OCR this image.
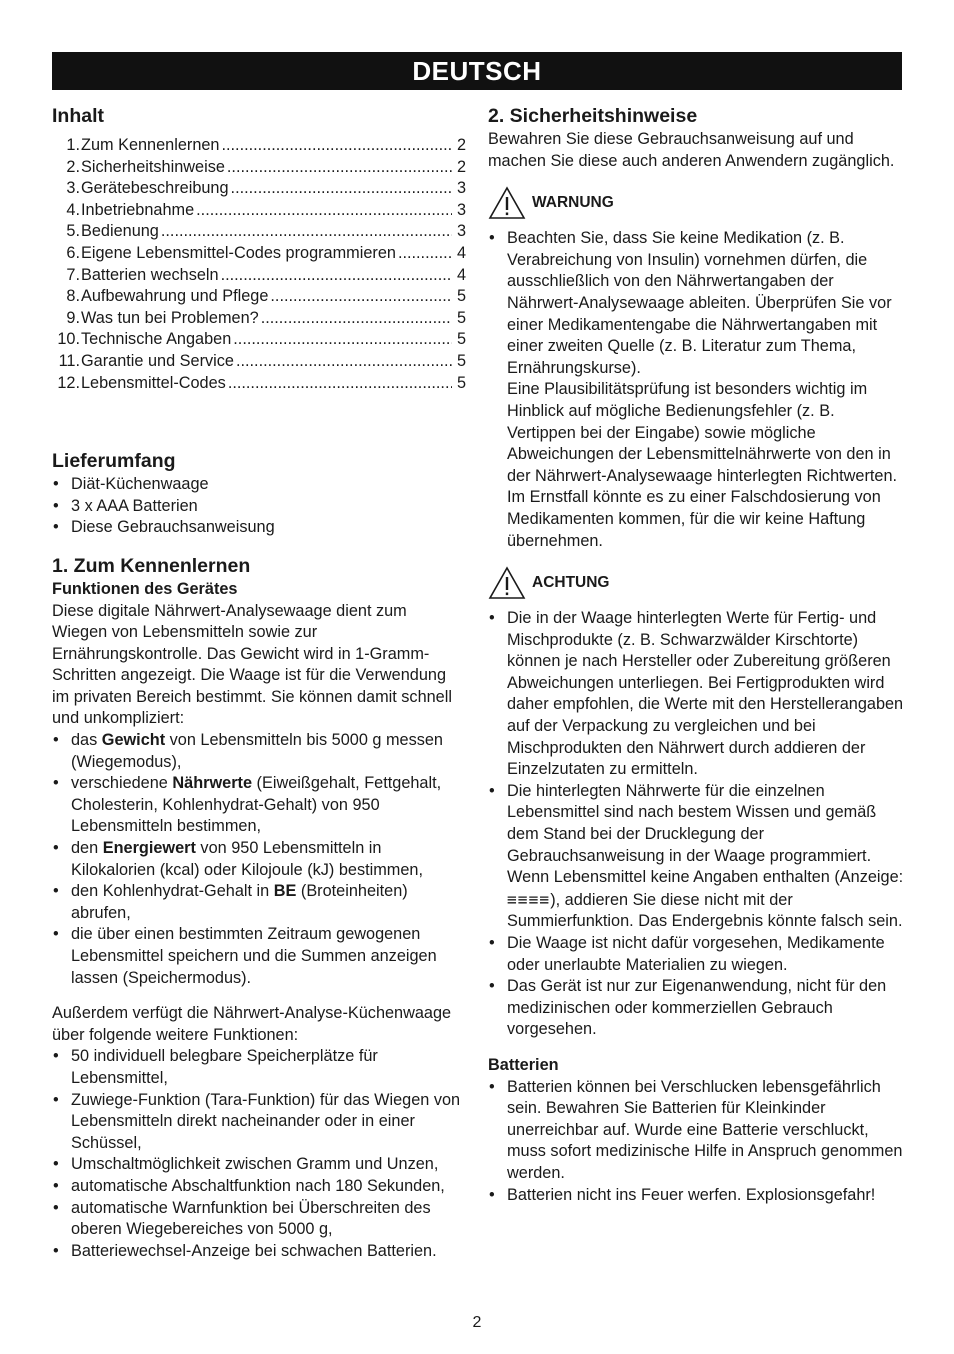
DEUTSCH
Inhalt
1. Zum Kennenlernen .....	2
2. Sicherheitshinweise .....	2
3. Gerätebeschreibung .....	3
4. Inbetriebnahme .....	3
5. Bedienung .....	3
6. Eigene Lebensmittel-Codes programmieren .....	4
7. Batterien wechseln .....	4
8. Aufbewahrung und Pflege .....	5
9. Was tun bei Problemen? .....	5
10. Technische Angaben .....	5
11. Garantie und Service .....	5
12. Lebensmittel-Codes .....	5
Lieferumfang
• Diät-Küchenwaage
• 3 x AAA Batterien
• Diese Gebrauchsanweisung
1. Zum Kennenlernen
Funktionen des Gerätes

Diese digitale Nährwert-Analysewaage dient zum Wiegen von Lebensmitteln sowie zur Ernährungskontrolle. Das Gewicht wird in 1-Gramm-Schritten angezeigt. Die Waage ist für die Verwendung im privaten Bereich bestimmt. Sie können damit schnell und unkompliziert:

• das Gewicht von Lebensmitteln bis 5000 g messen (Wiegemodus),
• verschiedene Nährwerte (Eiweißgehalt, Fettgehalt, Cholesterin, Kohlenhydrat-Gehalt) von 950 Lebensmitteln bestimmen,
• den Energiewert von 950 Lebensmitteln in Kilokalorien (kcal) oder Kilojoule (kJ) bestimmen,
• den Kohlenhydrat-Gehalt in BE (Broteinheiten) abrufen,
• die über einen bestimmten Zeitraum gewogenen Lebensmittel speichern und die Summen anzeigen lassen (Speichermodus).

Außerdem verfügt die Nährwert-Analyse-Küchenwaage über folgende weitere Funktionen:

• 50 individuell belegbare Speicherplätze für Lebensmittel,
• Zuwiege-Funktion (Tara-Funktion) für das Wiegen von Lebensmitteln direkt nacheinander oder in einer Schüssel,
• Umschaltmöglichkeit zwischen Gramm und Unzen,
• automatische Abschaltfunktion nach 180 Sekunden,
• automatische Warnfunktion bei Überschreiten des oberen Wiegebereiches von 5000 g,
• Batteriewechsel-Anzeige bei schwachen Batterien.
2. Sicherheitshinweise

Bewahren Sie diese Gebrauchsanweisung auf und machen Sie diese auch anderen Anwendern zugänglich.

WARNUNG
• Beachten Sie, dass Sie keine Medikation (z. B. Verabreichung von Insulin) vornehmen dürfen, die ausschließlich von den Nährwertangaben der Nährwert-Analysewaage ableiten. Überprüfen Sie vor einer Medikamentengabe die Nährwertangaben mit einer zweiten Quelle (z. B. Literatur zum Thema, Ernährungskurse).
Eine Plausibilitätsprüfung ist besonders wichtig im Hinblick auf mögliche Bedienungsfehler (z. B. Vertippen bei der Eingabe) sowie mögliche Abweichungen der Lebensmittelnährwerte von den in der Nährwert-Analysewaage hinterlegten Richtwerten. Im Ernstfall könnte es zu einer Falschdosierung von Medikamenten kommen, für die wir keine Haftung übernehmen.
ACHTUNG
• Die in der Waage hinterlegten Werte für Fertig- und Mischprodukte (z. B. Schwarzwälder Kirschtorte) können je nach Hersteller oder Zubereitung größeren Abweichungen unterliegen. Bei Fertigprodukten wird daher empfohlen, die Werte mit den Herstellerangaben auf der Verpackung zu vergleichen und bei Mischprodukten den Nährwert durch addieren der Einzelzutaten zu ermitteln.
• Die hinterlegten Nährwerte für die einzelnen Lebensmittel sind nach bestem Wissen und gemäß dem Stand bei der Drucklegung der Gebrauchsanweisung in der Waage programmiert.
Wenn Lebensmittel keine Angaben enthalten (Anzeige: ≡≡≡≡), addieren Sie diese nicht mit der Summierfunktion. Das Endergebnis könnte falsch sein.
• Die Waage ist nicht dafür vorgesehen, Medikamente oder unerlaubte Materialien zu wiegen.
• Das Gerät ist nur zur Eigenanwendung, nicht für den medizinischen oder kommerziellen Gebrauch vorgesehen.
Batterien
• Batterien können bei Verschlucken lebensgefährlich sein. Bewahren Sie Batterien für Kleinkinder unerreichbar auf. Wurde eine Batterie verschluckt, muss sofort medizinische Hilfe in Anspruch genommen werden.
• Batterien nicht ins Feuer werfen. Explosionsgefahr!
2
